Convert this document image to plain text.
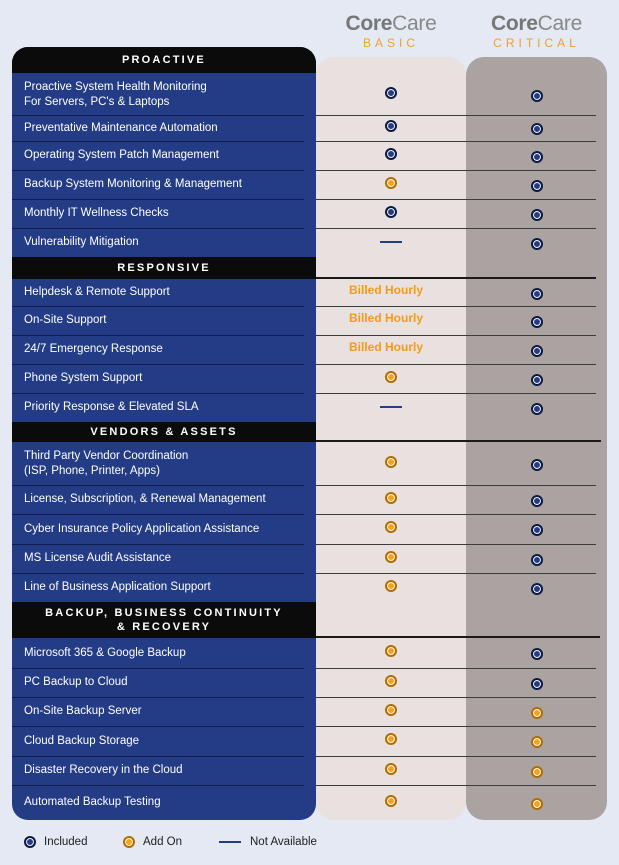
CoreCare
BASIC
CoreCare
CRITICAL
PROACTIVE
Proactive System Health Monitoring
For Servers, PC's & Laptops
Preventative Maintenance Automation
Operating System Patch Management
Backup System Monitoring & Management
Monthly IT Wellness Checks
Vulnerability Mitigation
RESPONSIVE
Helpdesk & Remote Support
On-Site Support
24/7 Emergency Response
Phone System Support
Priority Response & Elevated SLA
VENDORS & ASSETS
Third Party Vendor Coordination
(ISP, Phone, Printer, Apps)
License, Subscription, & Renewal Management
Cyber Insurance Policy Application Assistance
MS License Audit Assistance
Line of Business Application Support
BACKUP, BUSINESS CONTINUITY
& RECOVERY
Microsoft 365 & Google Backup
PC Backup to Cloud
On-Site Backup Server
Cloud Backup Storage
Disaster Recovery in the Cloud
Automated Backup Testing
Billed Hourly
Billed Hourly
Billed Hourly
Included	Add On	Not Available
